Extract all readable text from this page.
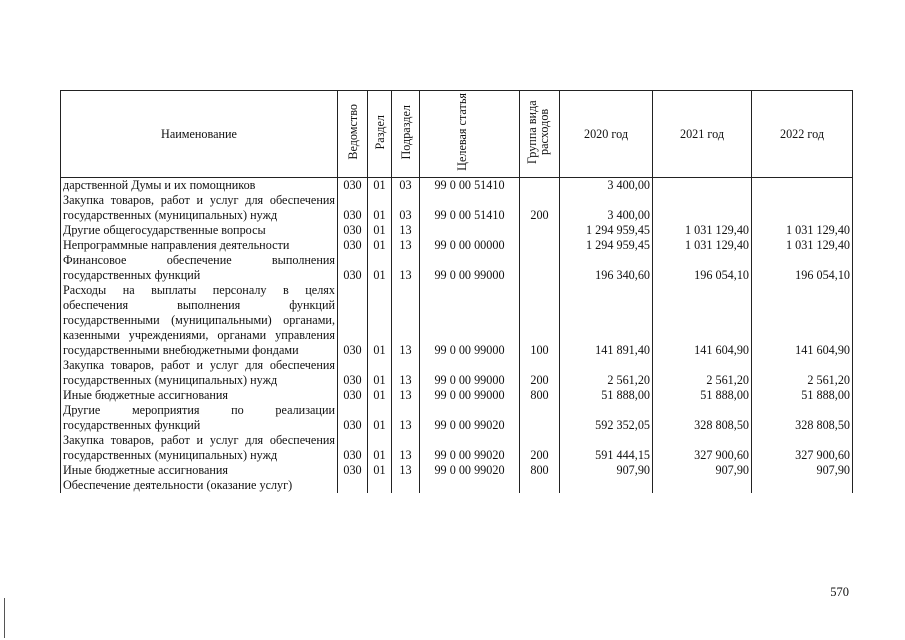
Наименование	Ведомство	Раздел	Подраздел	Целевая статья	Группа вида расходов	2020 год	2021 год	2022 год
дарственной Думы и их помощников	030	01	03	99 0 00 51410		3 400,00		
Закупка товаров, работ и услуг для обеспечения государственных (муниципальных) нужд	030	01	03	99 0 00 51410	200	3 400,00		
Другие общегосударственные вопросы	030	01	13			1 294 959,45	1 031 129,40	1 031 129,40
Непрограммные направления деятельности	030	01	13	99 0 00 00000		1 294 959,45	1 031 129,40	1 031 129,40
Финансовое обеспечение выполнения государственных функций	030	01	13	99 0 00 99000		196 340,60	196 054,10	196 054,10
Расходы на выплаты персоналу в целях обеспечения выполнения функций государственными (муниципальными) органами, казенными учреждениями, органами управления государственными внебюджетными фондами	030	01	13	99 0 00 99000	100	141 891,40	141 604,90	141 604,90
Закупка товаров, работ и услуг для обеспечения государственных (муниципальных) нужд	030	01	13	99 0 00 99000	200	2 561,20	2 561,20	2 561,20
Иные бюджетные ассигнования	030	01	13	99 0 00 99000	800	51 888,00	51 888,00	51 888,00
Другие мероприятия по реализации государственных функций	030	01	13	99 0 00 99020		592 352,05	328 808,50	328 808,50
Закупка товаров, работ и услуг для обеспечения государственных (муниципальных) нужд	030	01	13	99 0 00 99020	200	591 444,15	327 900,60	327 900,60
Иные бюджетные ассигнования	030	01	13	99 0 00 99020	800	907,90	907,90	907,90
Обеспечение деятельности (оказание услуг)								
570
